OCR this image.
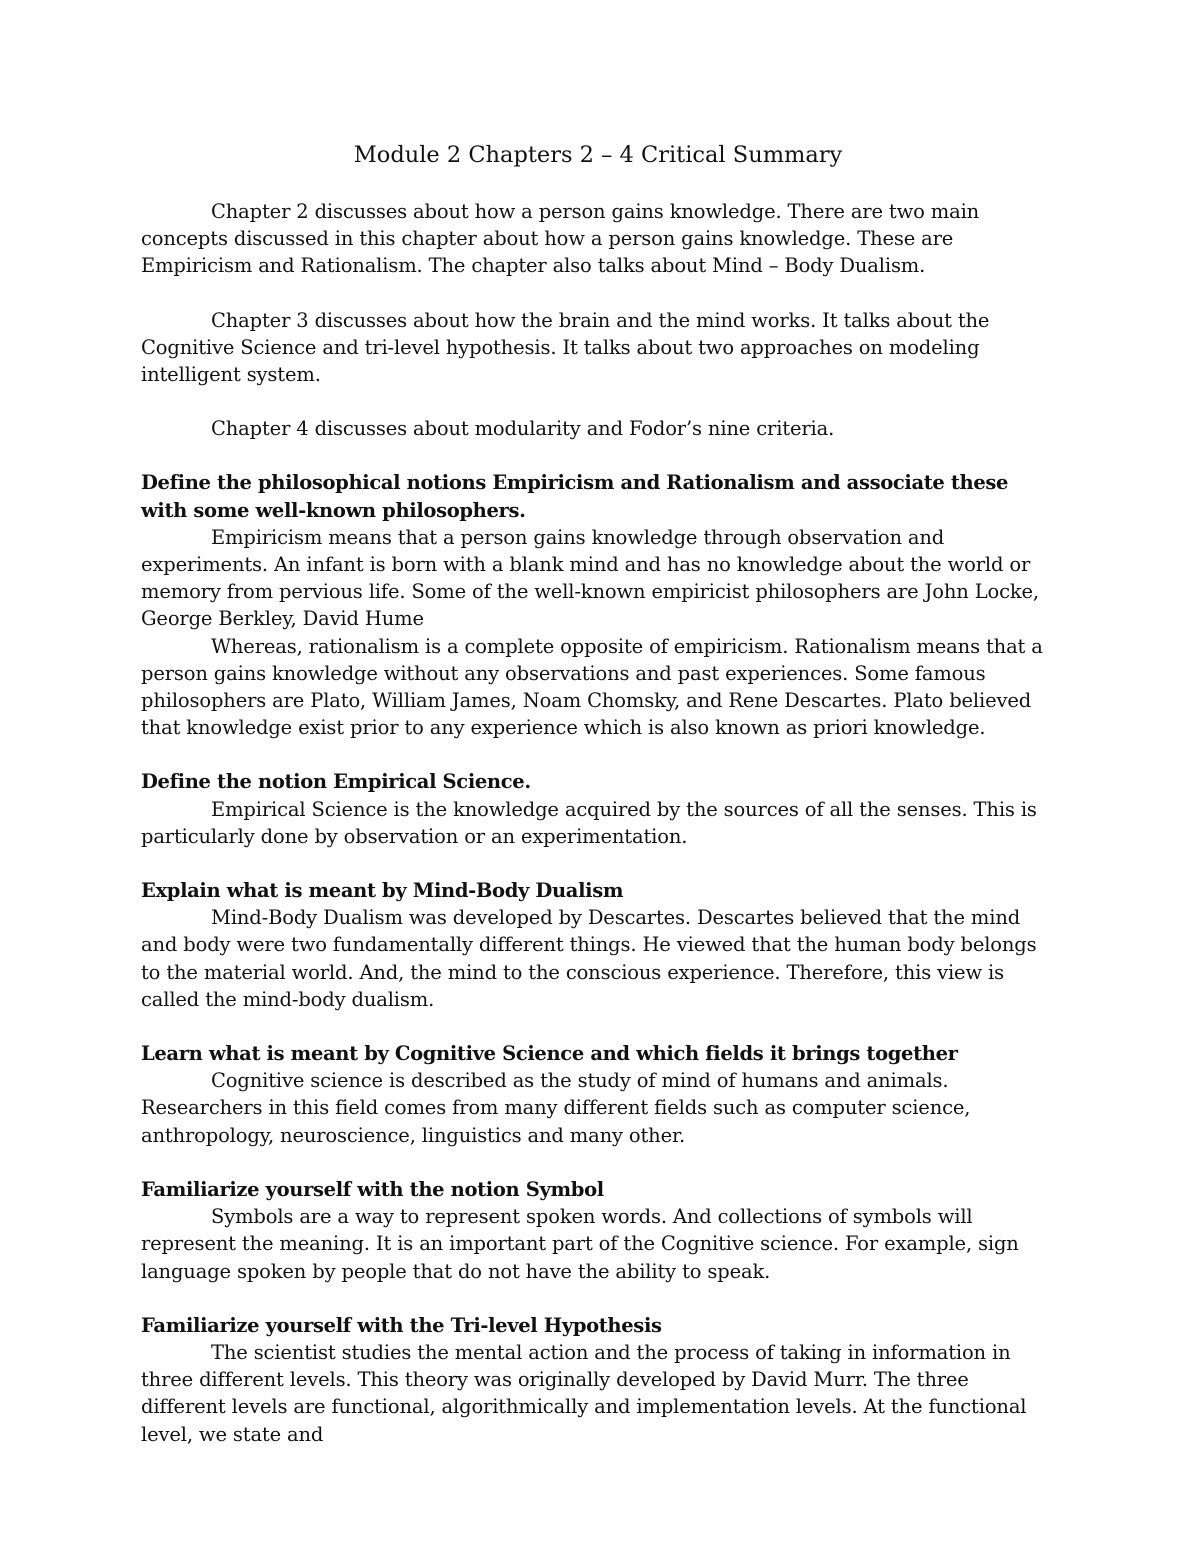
Module 2 Chapters 2 – 4 Critical Summary

Chapter 2 discusses about how a person gains knowledge. There are two main concepts discussed in this chapter about how a person gains knowledge. These are Empiricism and Rationalism. The chapter also talks about Mind – Body Dualism.

Chapter 3 discusses about how the brain and the mind works. It talks about the Cognitive Science and tri-level hypothesis. It talks about two approaches on modeling intelligent system.

Chapter 4 discusses about modularity and Fodor’s nine criteria.

Define the philosophical notions Empiricism and Rationalism and associate these with some well-known philosophers.

Empiricism means that a person gains knowledge through observation and experiments. An infant is born with a blank mind and has no knowledge about the world or memory from pervious life. Some of the well-known empiricist philosophers are John Locke, George Berkley, David Hume

Whereas, rationalism is a complete opposite of empiricism. Rationalism means that a person gains knowledge without any observations and past experiences. Some famous philosophers are Plato, William James, Noam Chomsky, and Rene Descartes. Plato believed that knowledge exist prior to any experience which is also known as priori knowledge.

Define the notion Empirical Science.

Empirical Science is the knowledge acquired by the sources of all the senses. This is particularly done by observation or an experimentation.

Explain what is meant by Mind-Body Dualism

Mind-Body Dualism was developed by Descartes. Descartes believed that the mind and body were two fundamentally different things. He viewed that the human body belongs to the material world. And, the mind to the conscious experience. Therefore, this view is called the mind-body dualism.

Learn what is meant by Cognitive Science and which fields it brings together

Cognitive science is described as the study of mind of humans and animals. Researchers in this field comes from many different fields such as computer science, anthropology, neuroscience, linguistics and many other.

Familiarize yourself with the notion Symbol

Symbols are a way to represent spoken words. And collections of symbols will represent the meaning. It is an important part of the Cognitive science. For example, sign language spoken by people that do not have the ability to speak.

Familiarize yourself with the Tri-level Hypothesis

The scientist studies the mental action and the process of taking in information in three different levels. This theory was originally developed by David Murr. The three different levels are functional, algorithmically and implementation levels. At the functional level, we state and
